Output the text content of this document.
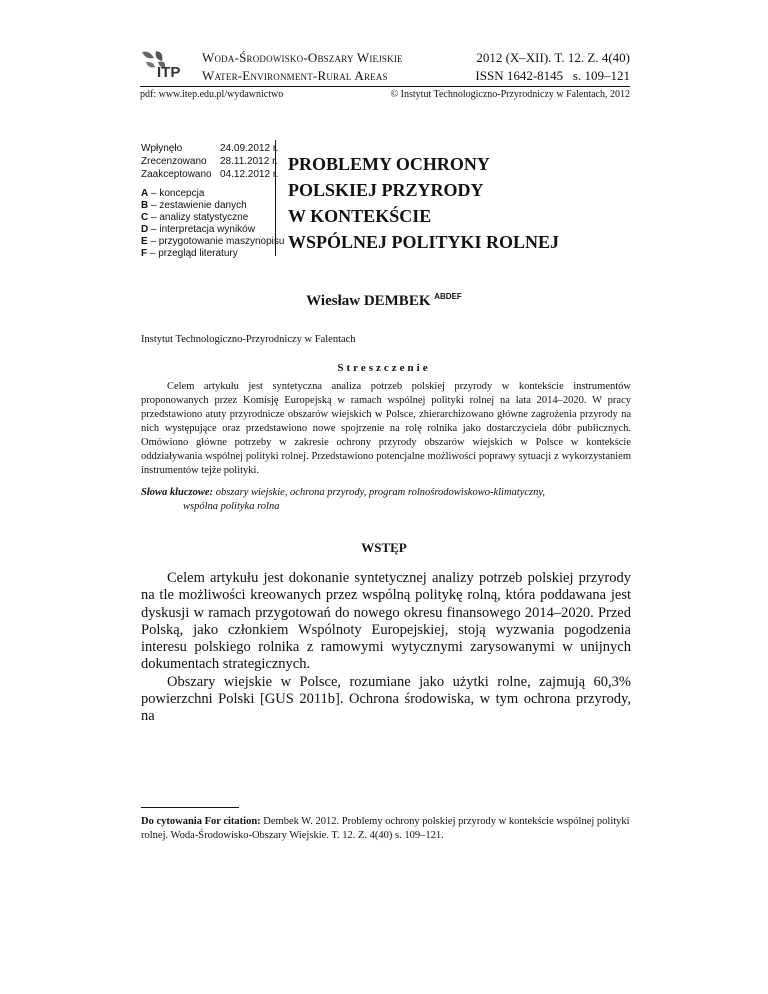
ITP
Woda-Środowisko-Obszary Wiejskie
Water-Environment-Rural Areas
2012 (X–XII). T. 12. Z. 4(40)
ISSN 1642-8145   s. 109–121
pdf: www.itep.edu.pl/wydawnictwo	© Instytut Technologiczno-Przyrodniczy w Falentach, 2012
Wpłynęło	24.09.2012 r.
Zrecenzowano 28.11.2012 r.
Zaakceptowano 04.12.2012 r.
A – koncepcja
B – zestawienie danych
C – analizy statystyczne
D – interpretacja wyników
E – przygotowanie maszynopisu
F – przegląd literatury
PROBLEMY OCHRONY
POLSKIEJ PRZYRODY
W KONTEKŚCIE
WSPÓLNEJ POLITYKI ROLNEJ
Wiesław DEMBEK $^{ABDEF}$
Instytut Technologiczno-Przyrodniczy w Falentach
Streszczenie
Celem artykułu jest syntetyczna analiza potrzeb polskiej przyrody w kontekście instrumentów proponowanych przez Komisję Europejską w ramach wspólnej polityki rolnej na lata 2014–2020. W pracy przedstawiono atuty przyrodnicze obszarów wiejskich w Polsce, zhierarchizowano główne zagrożenia przyrody na nich występujące oraz przedstawiono nowe spojrzenie na rolę rolnika jako dostarczyciela dóbr publicznych. Omówiono główne potrzeby w zakresie ochrony przyrody obszarów wiejskich w Polsce w kontekście oddziaływania wspólnej polityki rolnej. Przedstawiono potencjalne możliwości poprawy sytuacji z wykorzystaniem instrumentów tejże polityki.
Słowa kluczowe: obszary wiejskie, ochrona przyrody, program rolnośrodowiskowo-klimatyczny,
wspólna polityka rolna
WSTĘP

Celem artykułu jest dokonanie syntetycznej analizy potrzeb polskiej przyrody na tle możliwości kreowanych przez wspólną politykę rolną, która poddawana jest dyskusji w ramach przygotowań do nowego okresu finansowego 2014–2020. Przed Polską, jako członkiem Wspólnoty Europejskiej, stoją wyzwania pogodzenia interesu polskiego rolnika z ramowymi wytycznymi zarysowanymi w unijnych dokumentach strategicznych.

Obszary wiejskie w Polsce, rozumiane jako użytki rolne, zajmują 60,3% powierzchni Polski [GUS 2011b]. Ochrona środowiska, w tym ochrona przyrody, na

Do cytowania For citation: Dembek W. 2012. Problemy ochrony polskiej przyrody w kontekście wspólnej polityki rolnej. Woda-Środowisko-Obszary Wiejskie. T. 12. Z. 4(40) s. 109–121.
